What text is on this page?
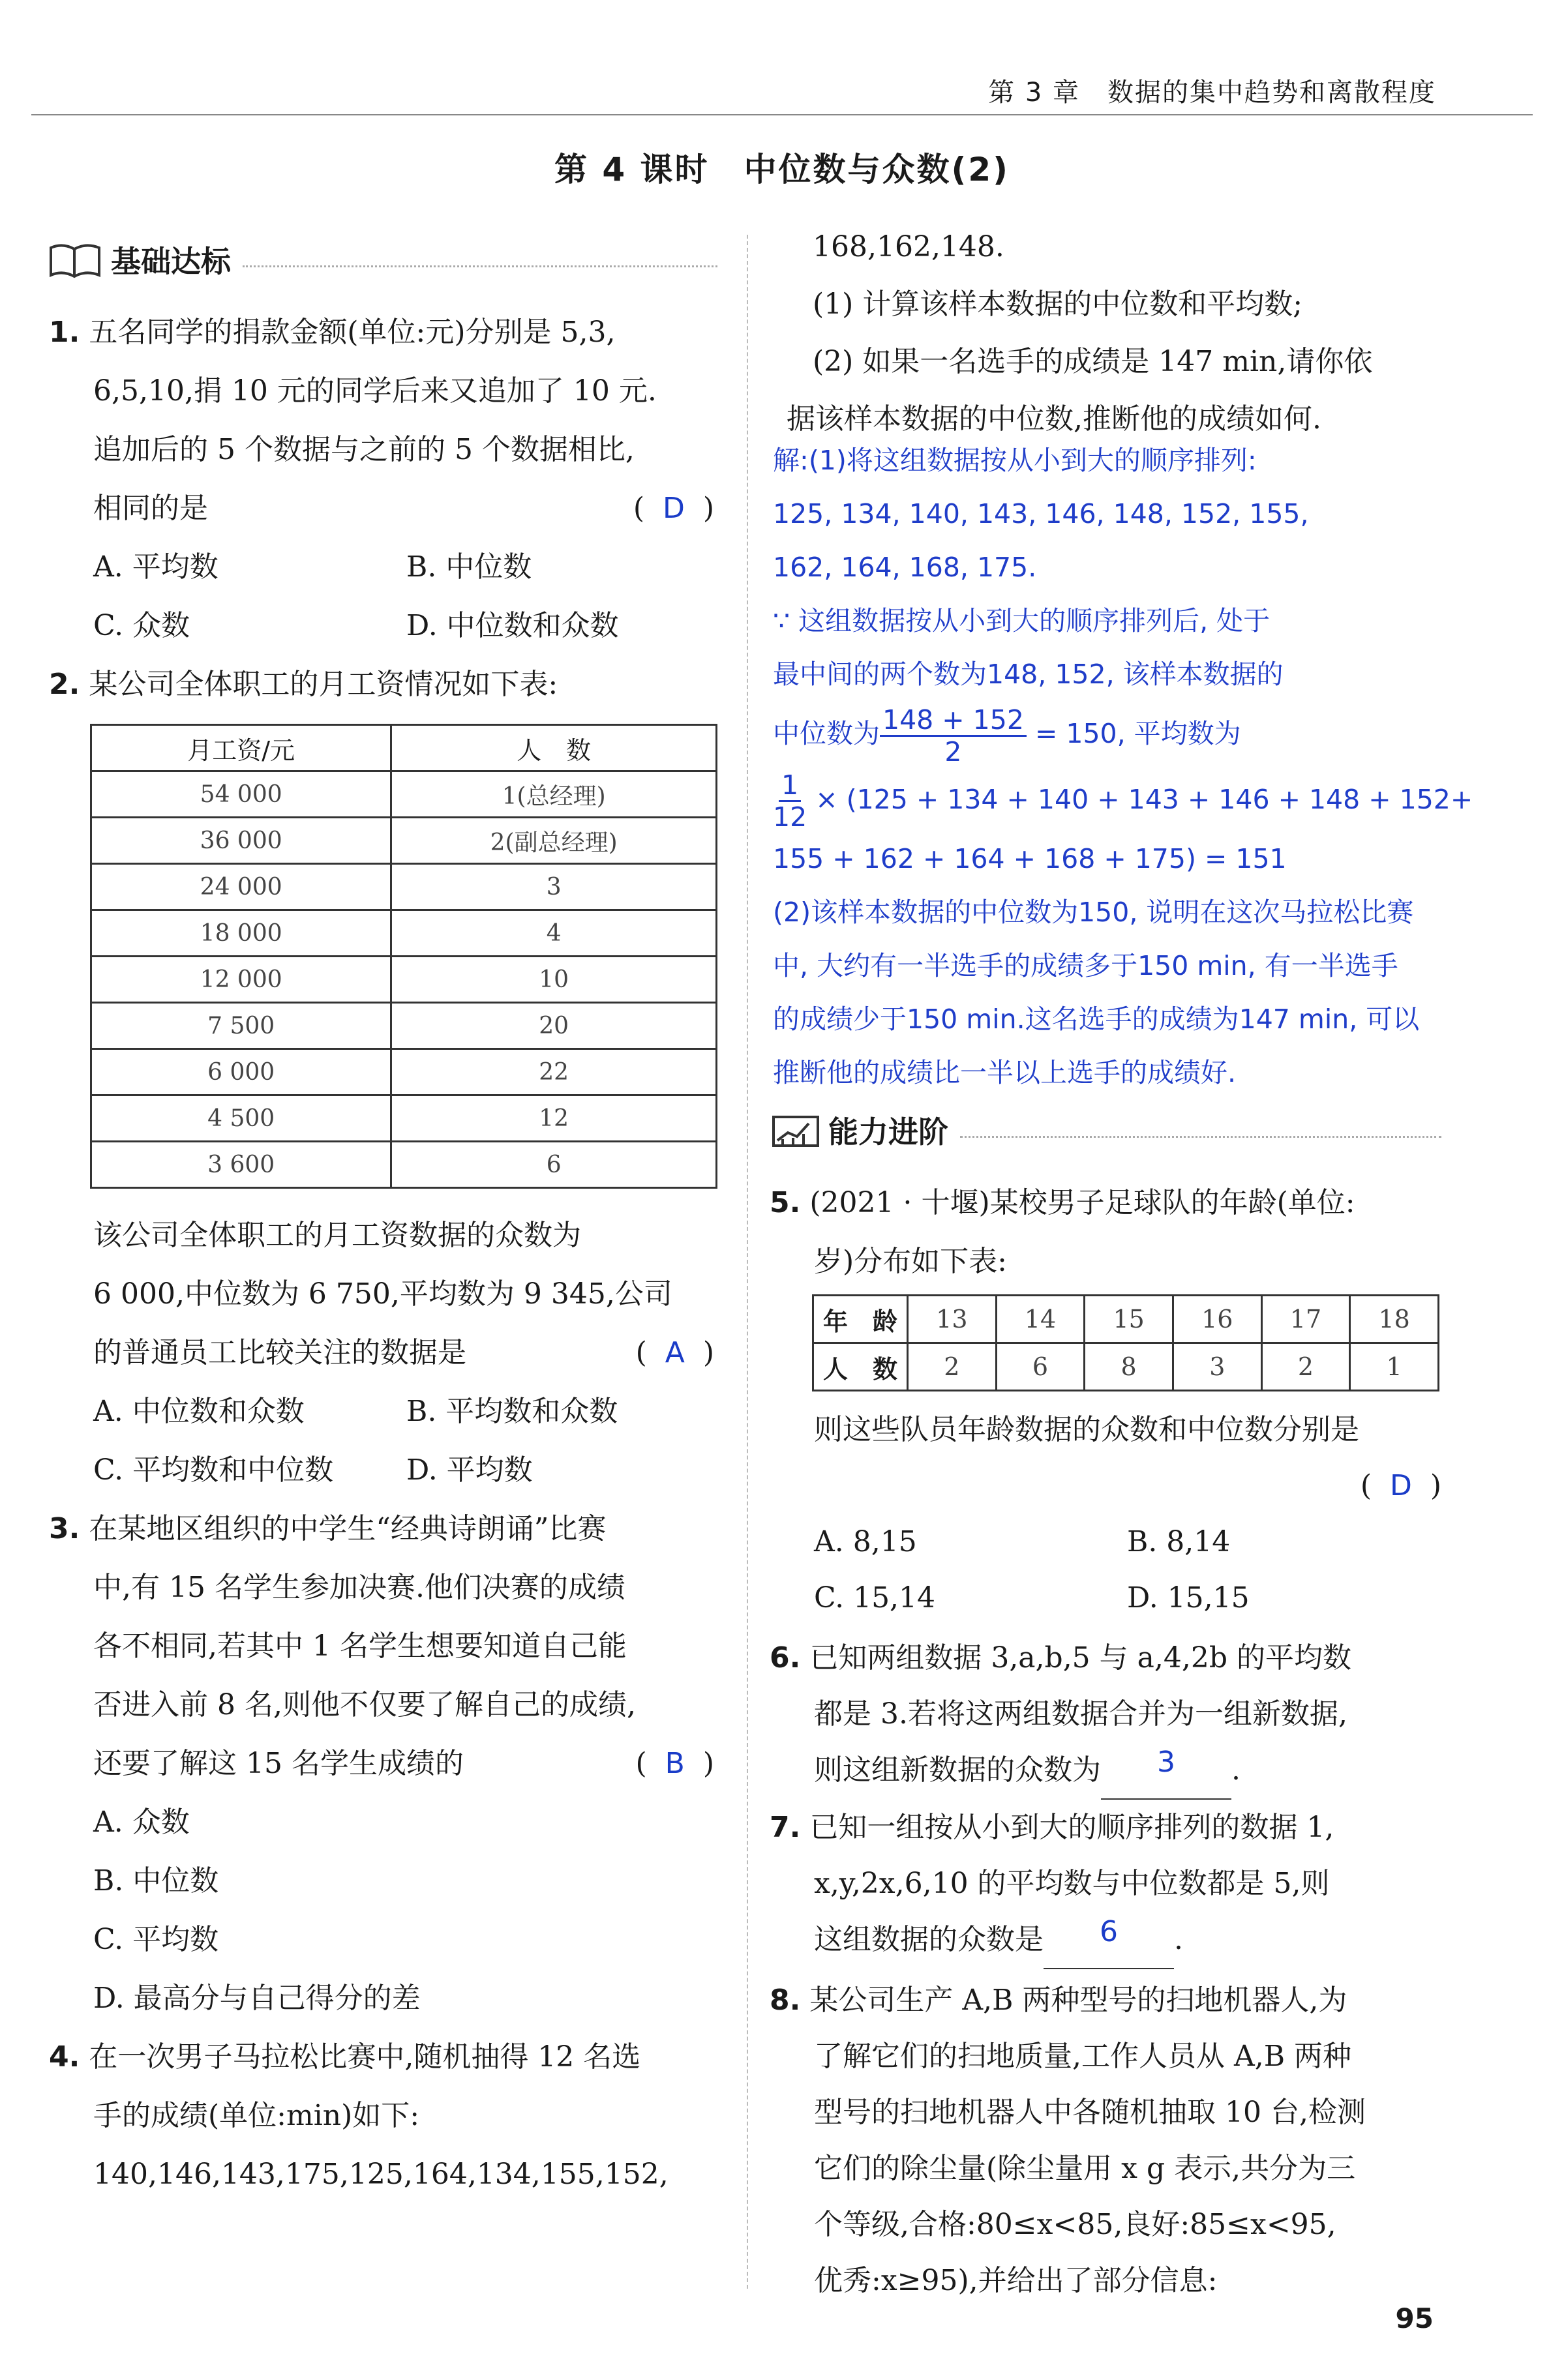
第 3 章　数据的集中趋势和离散程度
第 4 课时　中位数与众数(2)
基础达标
1. 五名同学的捐款金额(单位:元)分别是 5,3,
6,5,10,捐 10 元的同学后来又追加了 10 元.
追加后的 5 个数据与之前的 5 个数据相比,
相同的是	(  D  )
A. 平均数	B. 中位数
C. 众数	D. 中位数和众数
2. 某公司全体职工的月工资情况如下表:
月工资/元	人　数
54 000	1(总经理)
36 000	2(副总经理)
24 000	3
18 000	4
12 000	10
7 500	20
6 000	22
4 500	12
3 600	6
该公司全体职工的月工资数据的众数为
6 000,中位数为 6 750,平均数为 9 345,公司
的普通员工比较关注的数据是	(  A  )
A. 中位数和众数	B. 平均数和众数
C. 平均数和中位数	D. 平均数
3. 在某地区组织的中学生“经典诗朗诵”比赛
中,有 15 名学生参加决赛.他们决赛的成绩
各不相同,若其中 1 名学生想要知道自己能
否进入前 8 名,则他不仅要了解自己的成绩,
还要了解这 15 名学生成绩的	(  B  )
A. 众数
B. 中位数
C. 平均数
D. 最高分与自己得分的差
4. 在一次男子马拉松比赛中,随机抽得 12 名选
手的成绩(单位:min)如下:
140,146,143,175,125,164,134,155,152,
168,162,148.
(1) 计算该样本数据的中位数和平均数;
(2) 如果一名选手的成绩是 147 min,请你依
据该样本数据的中位数,推断他的成绩如何.
解:(1)将这组数据按从小到大的顺序排列:
125, 134, 140, 143, 146, 148, 152, 155,
162, 164, 168, 175.
∵ 这组数据按从小到大的顺序排列后, 处于
最中间的两个数为148, 152, 该样本数据的
中位数为 $\frac{148 + 152}{2} = 150$, 平均数为
$\frac{1}{12} \times (125 + 134 + 140 + 143 + 146 + 148 + 152+$
155 + 162 + 164 + 168 + 175) = 151
(2)该样本数据的中位数为150, 说明在这次马拉松比赛
中, 大约有一半选手的成绩多于150 min, 有一半选手
的成绩少于150 min.这名选手的成绩为147 min, 可以
推断他的成绩比一半以上选手的成绩好.
能力进阶
5. (2021 · 十堰)某校男子足球队的年龄(单位:
岁)分布如下表:
年　龄	13	14	15	16	17	18
人　数	2	6	8	3	2	1
则这些队员年龄数据的众数和中位数分别是
(  D  )
A. 8,15	B. 8,14
C. 15,14	D. 15,15
6. 已知两组数据 3,a,b,5 与 a,4,2b 的平均数
都是 3.若将这两组数据合并为一组新数据,
则这组新数据的众数为 3 .
7. 已知一组按从小到大的顺序排列的数据 1,
x,y,2x,6,10 的平均数与中位数都是 5,则
这组数据的众数是 6 .
8. 某公司生产 A,B 两种型号的扫地机器人,为
了解它们的扫地质量,工作人员从 A,B 两种
型号的扫地机器人中各随机抽取 10 台,检测
它们的除尘量(除尘量用 x g 表示,共分为三
个等级,合格:80≤x<85,良好:85≤x<95,
优秀:x≥95),并给出了部分信息:
95
